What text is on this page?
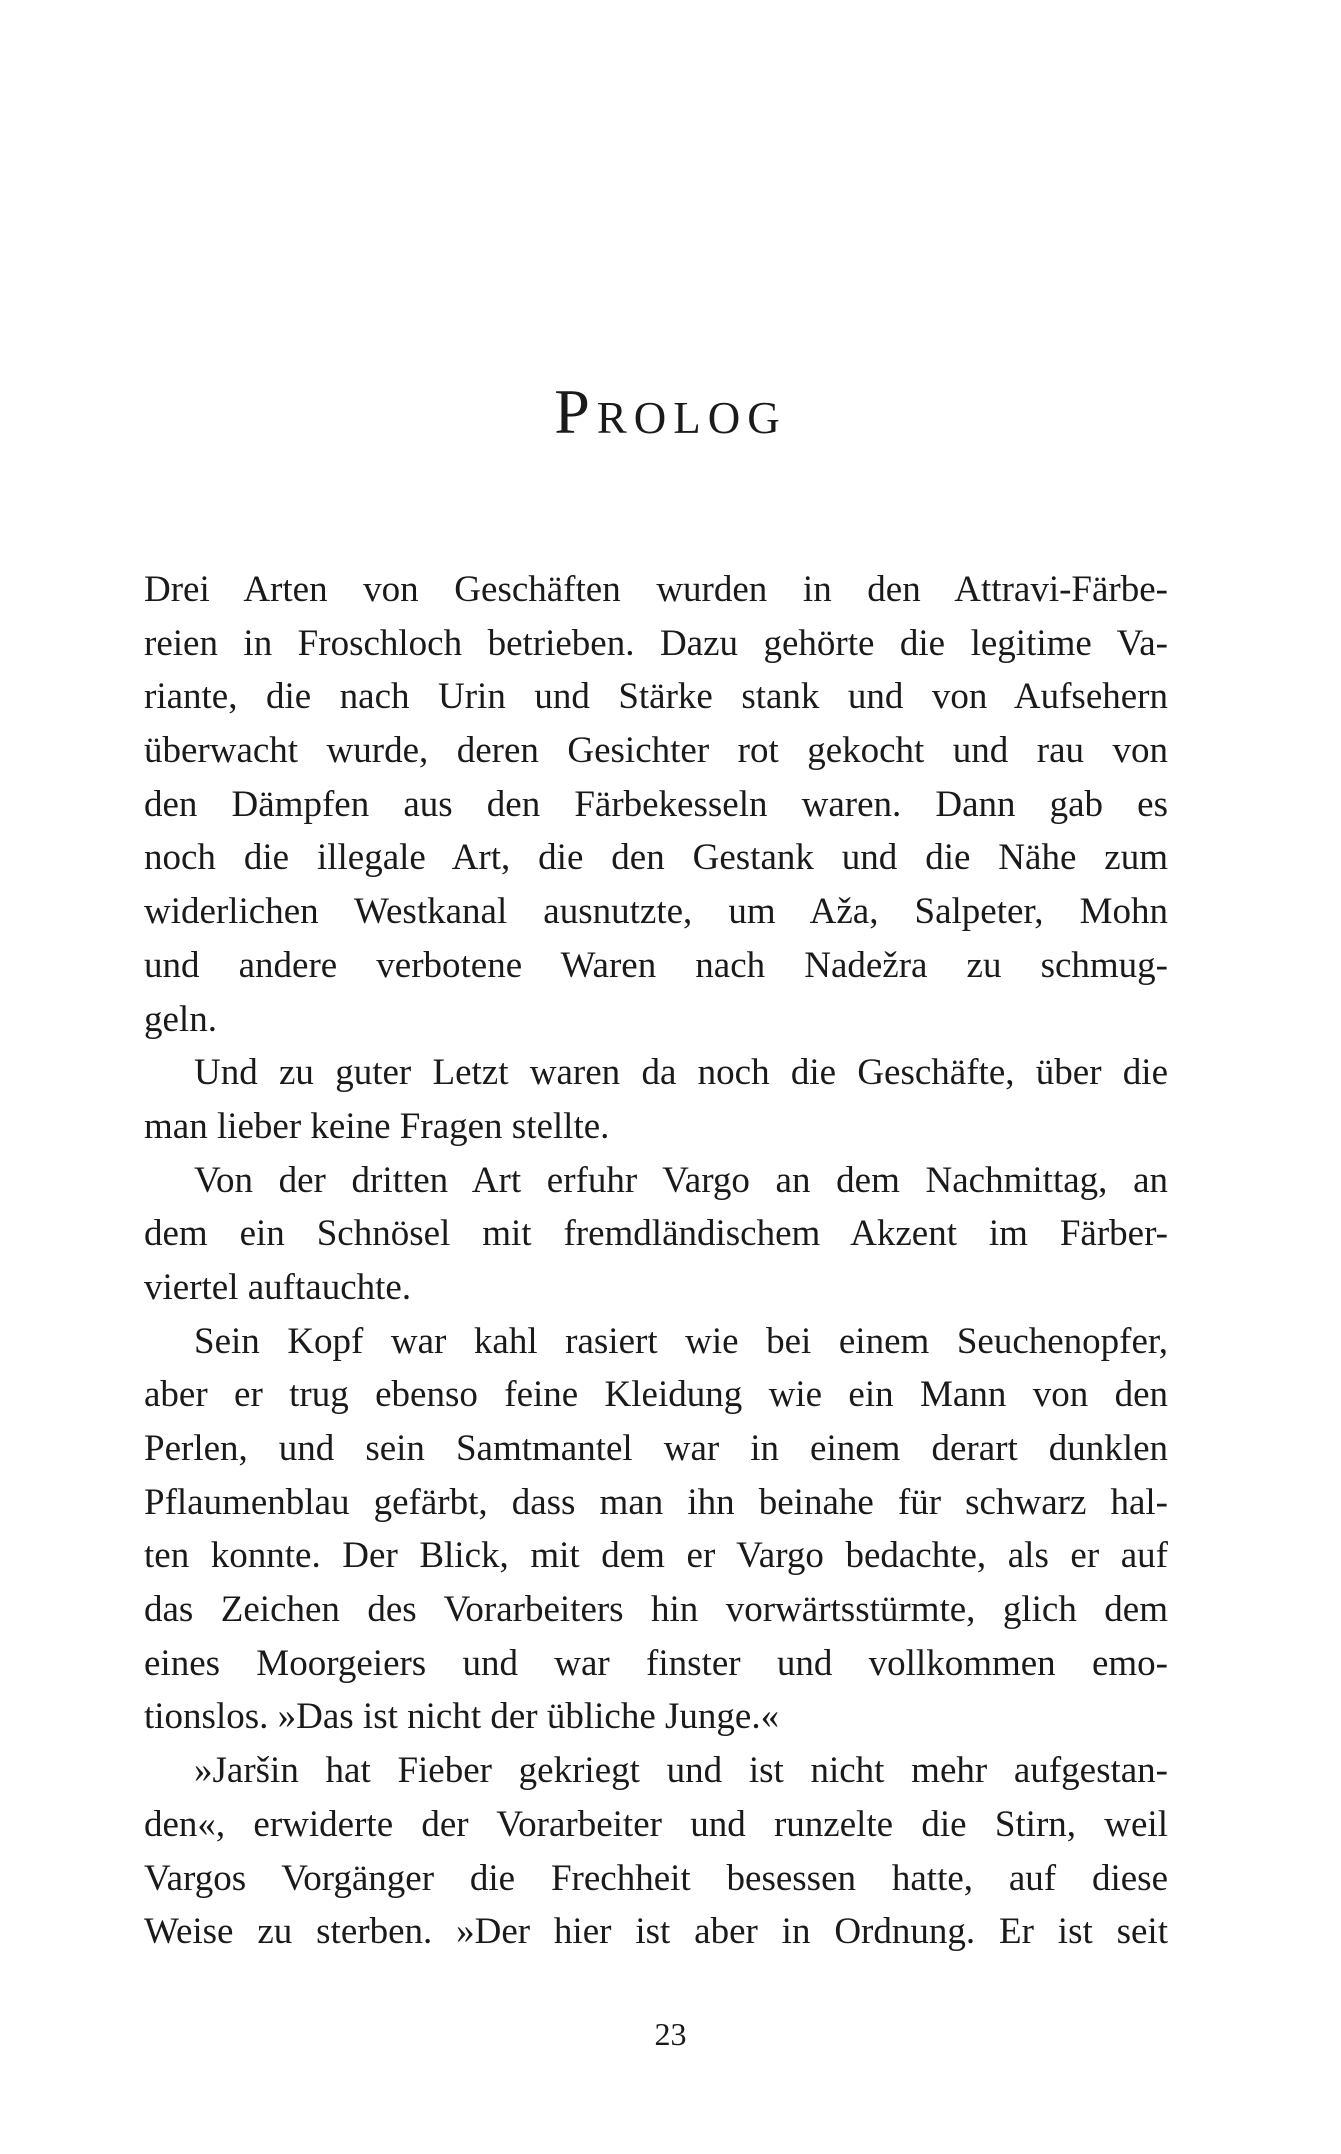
Prolog
Drei Arten von Geschäften wurden in den Attravi-Färbe-
reien in Froschloch betrieben. Dazu gehörte die legitime Va-
riante, die nach Urin und Stärke stank und von Aufsehern
überwacht wurde, deren Gesichter rot gekocht und rau von
den Dämpfen aus den Färbekesseln waren. Dann gab es
noch die illegale Art, die den Gestank und die Nähe zum
widerlichen Westkanal ausnutzte, um Aža, Salpeter, Mohn
und andere verbotene Waren nach Nadežra zu schmug-
geln.
Und zu guter Letzt waren da noch die Geschäfte, über die
man lieber keine Fragen stellte.
Von der dritten Art erfuhr Vargo an dem Nachmittag, an
dem ein Schnösel mit fremdländischem Akzent im Färber-
viertel auftauchte.
Sein Kopf war kahl rasiert wie bei einem Seuchenopfer,
aber er trug ebenso feine Kleidung wie ein Mann von den
Perlen, und sein Samtmantel war in einem derart dunklen
Pflaumenblau gefärbt, dass man ihn beinahe für schwarz hal-
ten konnte. Der Blick, mit dem er Vargo bedachte, als er auf
das Zeichen des Vorarbeiters hin vorwärtsstürmte, glich dem
eines Moorgeiers und war finster und vollkommen emo-
tionslos. »Das ist nicht der übliche Junge.«
»Jaršin hat Fieber gekriegt und ist nicht mehr aufgestan-
den«, erwiderte der Vorarbeiter und runzelte die Stirn, weil
Vargos Vorgänger die Frechheit besessen hatte, auf diese
Weise zu sterben. »Der hier ist aber in Ordnung. Er ist seit
23
